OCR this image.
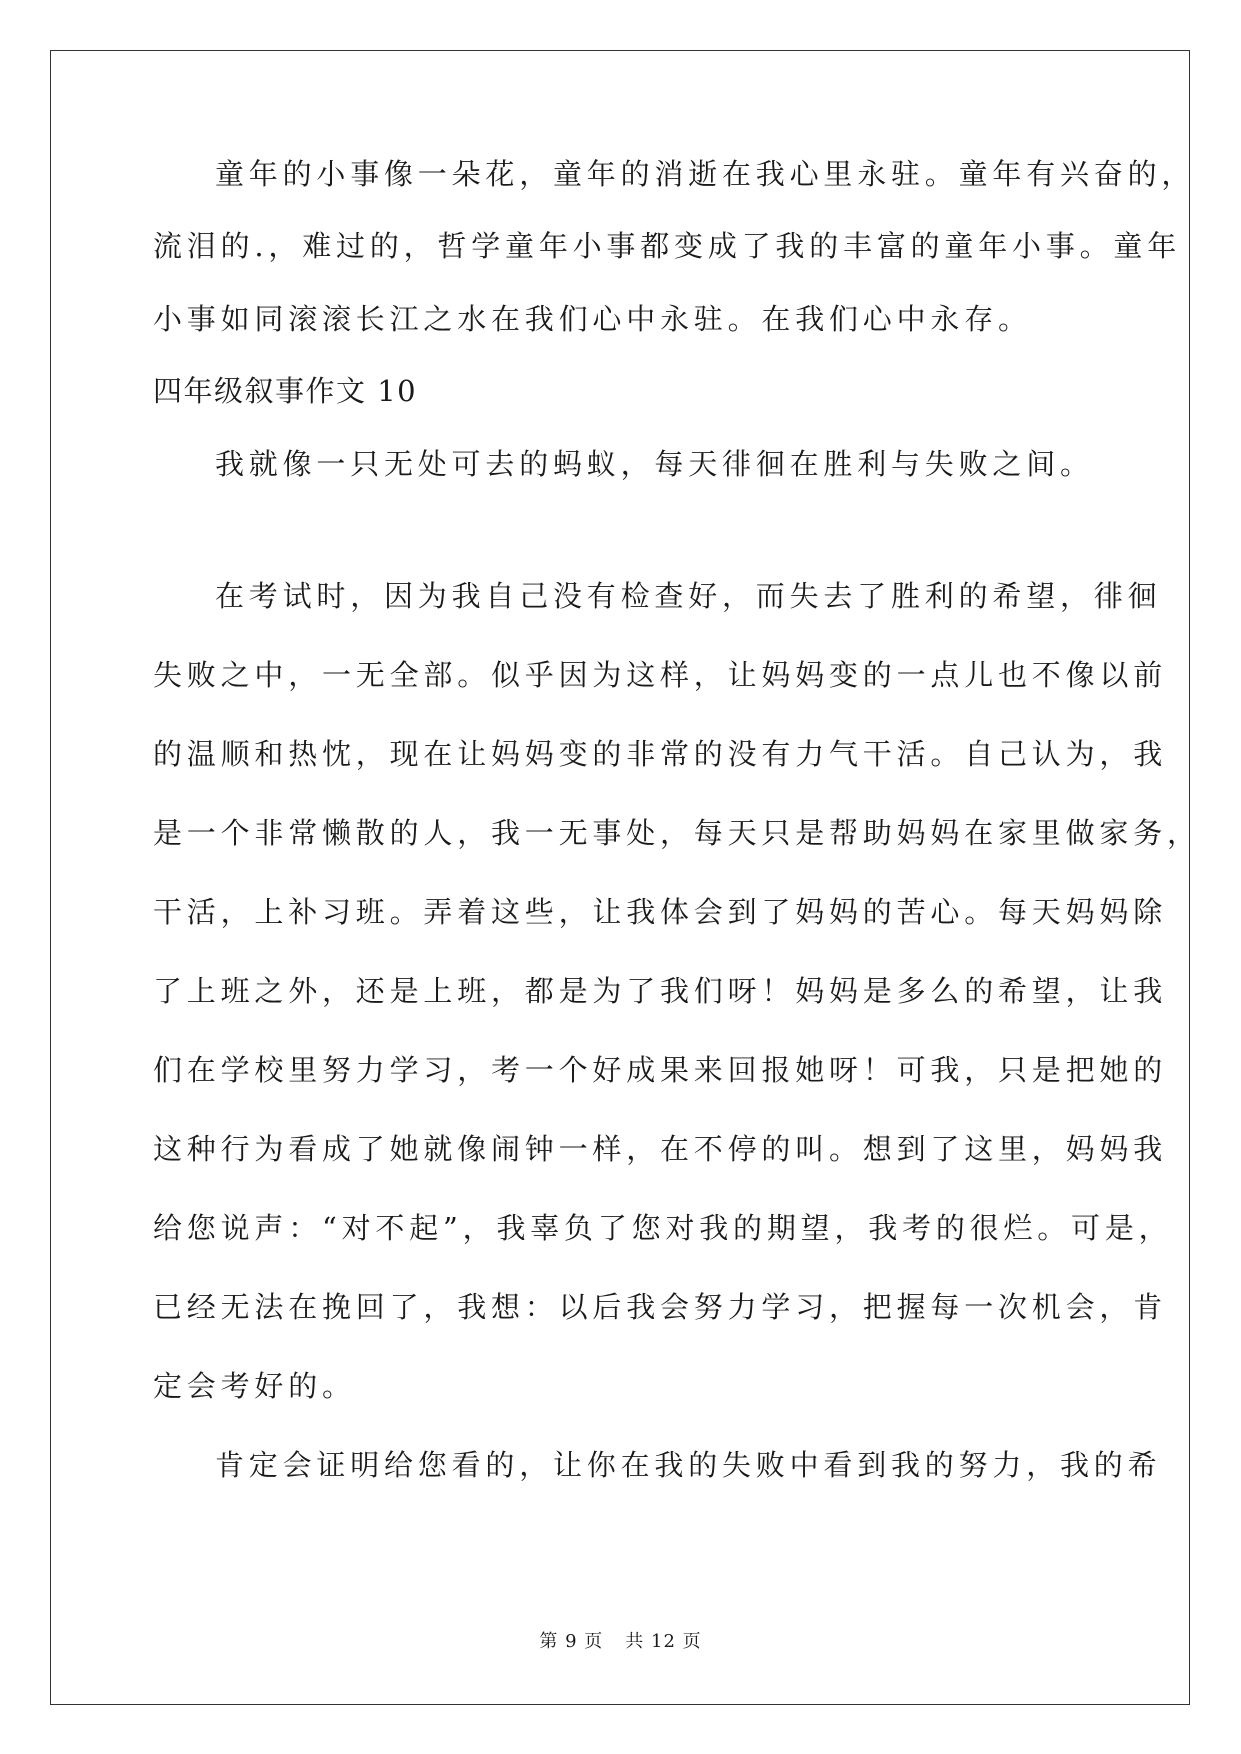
童年的小事像一朵花，童年的消逝在我心里永驻。童年有兴奋的，
流泪的.，难过的，哲学童年小事都变成了我的丰富的童年小事。童年
小事如同滚滚长江之水在我们心中永驻。在我们心中永存。
四年级叙事作文 10
我就像一只无处可去的蚂蚁，每天徘徊在胜利与失败之间。
在考试时，因为我自己没有检查好，而失去了胜利的希望，徘徊
失败之中，一无全部。似乎因为这样，让妈妈变的一点儿也不像以前
的温顺和热忱，现在让妈妈变的非常的没有力气干活。自己认为，我
是一个非常懒散的人，我一无事处，每天只是帮助妈妈在家里做家务，
干活，上补习班。弄着这些，让我体会到了妈妈的苦心。每天妈妈除
了上班之外，还是上班，都是为了我们呀！妈妈是多么的希望，让我
们在学校里努力学习，考一个好成果来回报她呀！可我，只是把她的
这种行为看成了她就像闹钟一样，在不停的叫。想到了这里，妈妈我
给您说声：“对不起”，我辜负了您对我的期望，我考的很烂。可是，
已经无法在挽回了，我想：以后我会努力学习，把握每一次机会，肯
定会考好的。
肯定会证明给您看的，让你在我的失败中看到我的努力，我的希
第 9 页 共 12 页
